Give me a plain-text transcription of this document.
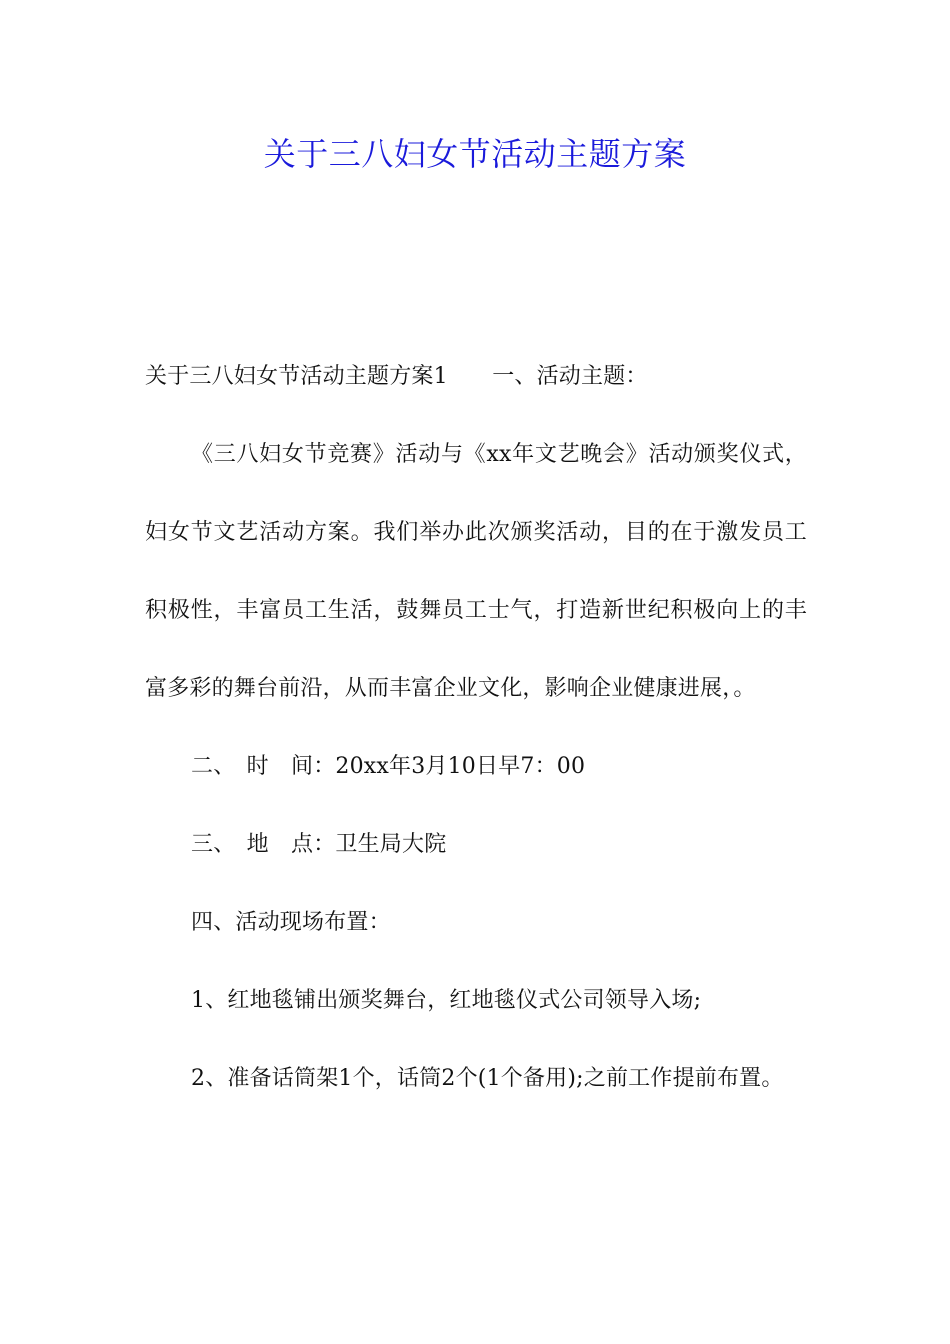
关于三八妇女节活动主题方案

关于三八妇女节活动主题方案1　　一、活动主题：

《三八妇女节竞赛》活动与《xx年文艺晚会》活动颁奖仪式，妇女节文艺活动方案。我们举办此次颁奖活动，目的在于激发员工积极性，丰富员工生活，鼓舞员工士气，打造新世纪积极向上的丰富多彩的舞台前沿，从而丰富企业文化，影响企业健康进展，。

二、　时　间：20xx年3月10日早7：00

三、　地　点：卫生局大院

四、活动现场布置：

1、红地毯铺出颁奖舞台，红地毯仪式公司领导入场;

2、准备话筒架1个，话筒2个(1个备用);之前工作提前布置。
